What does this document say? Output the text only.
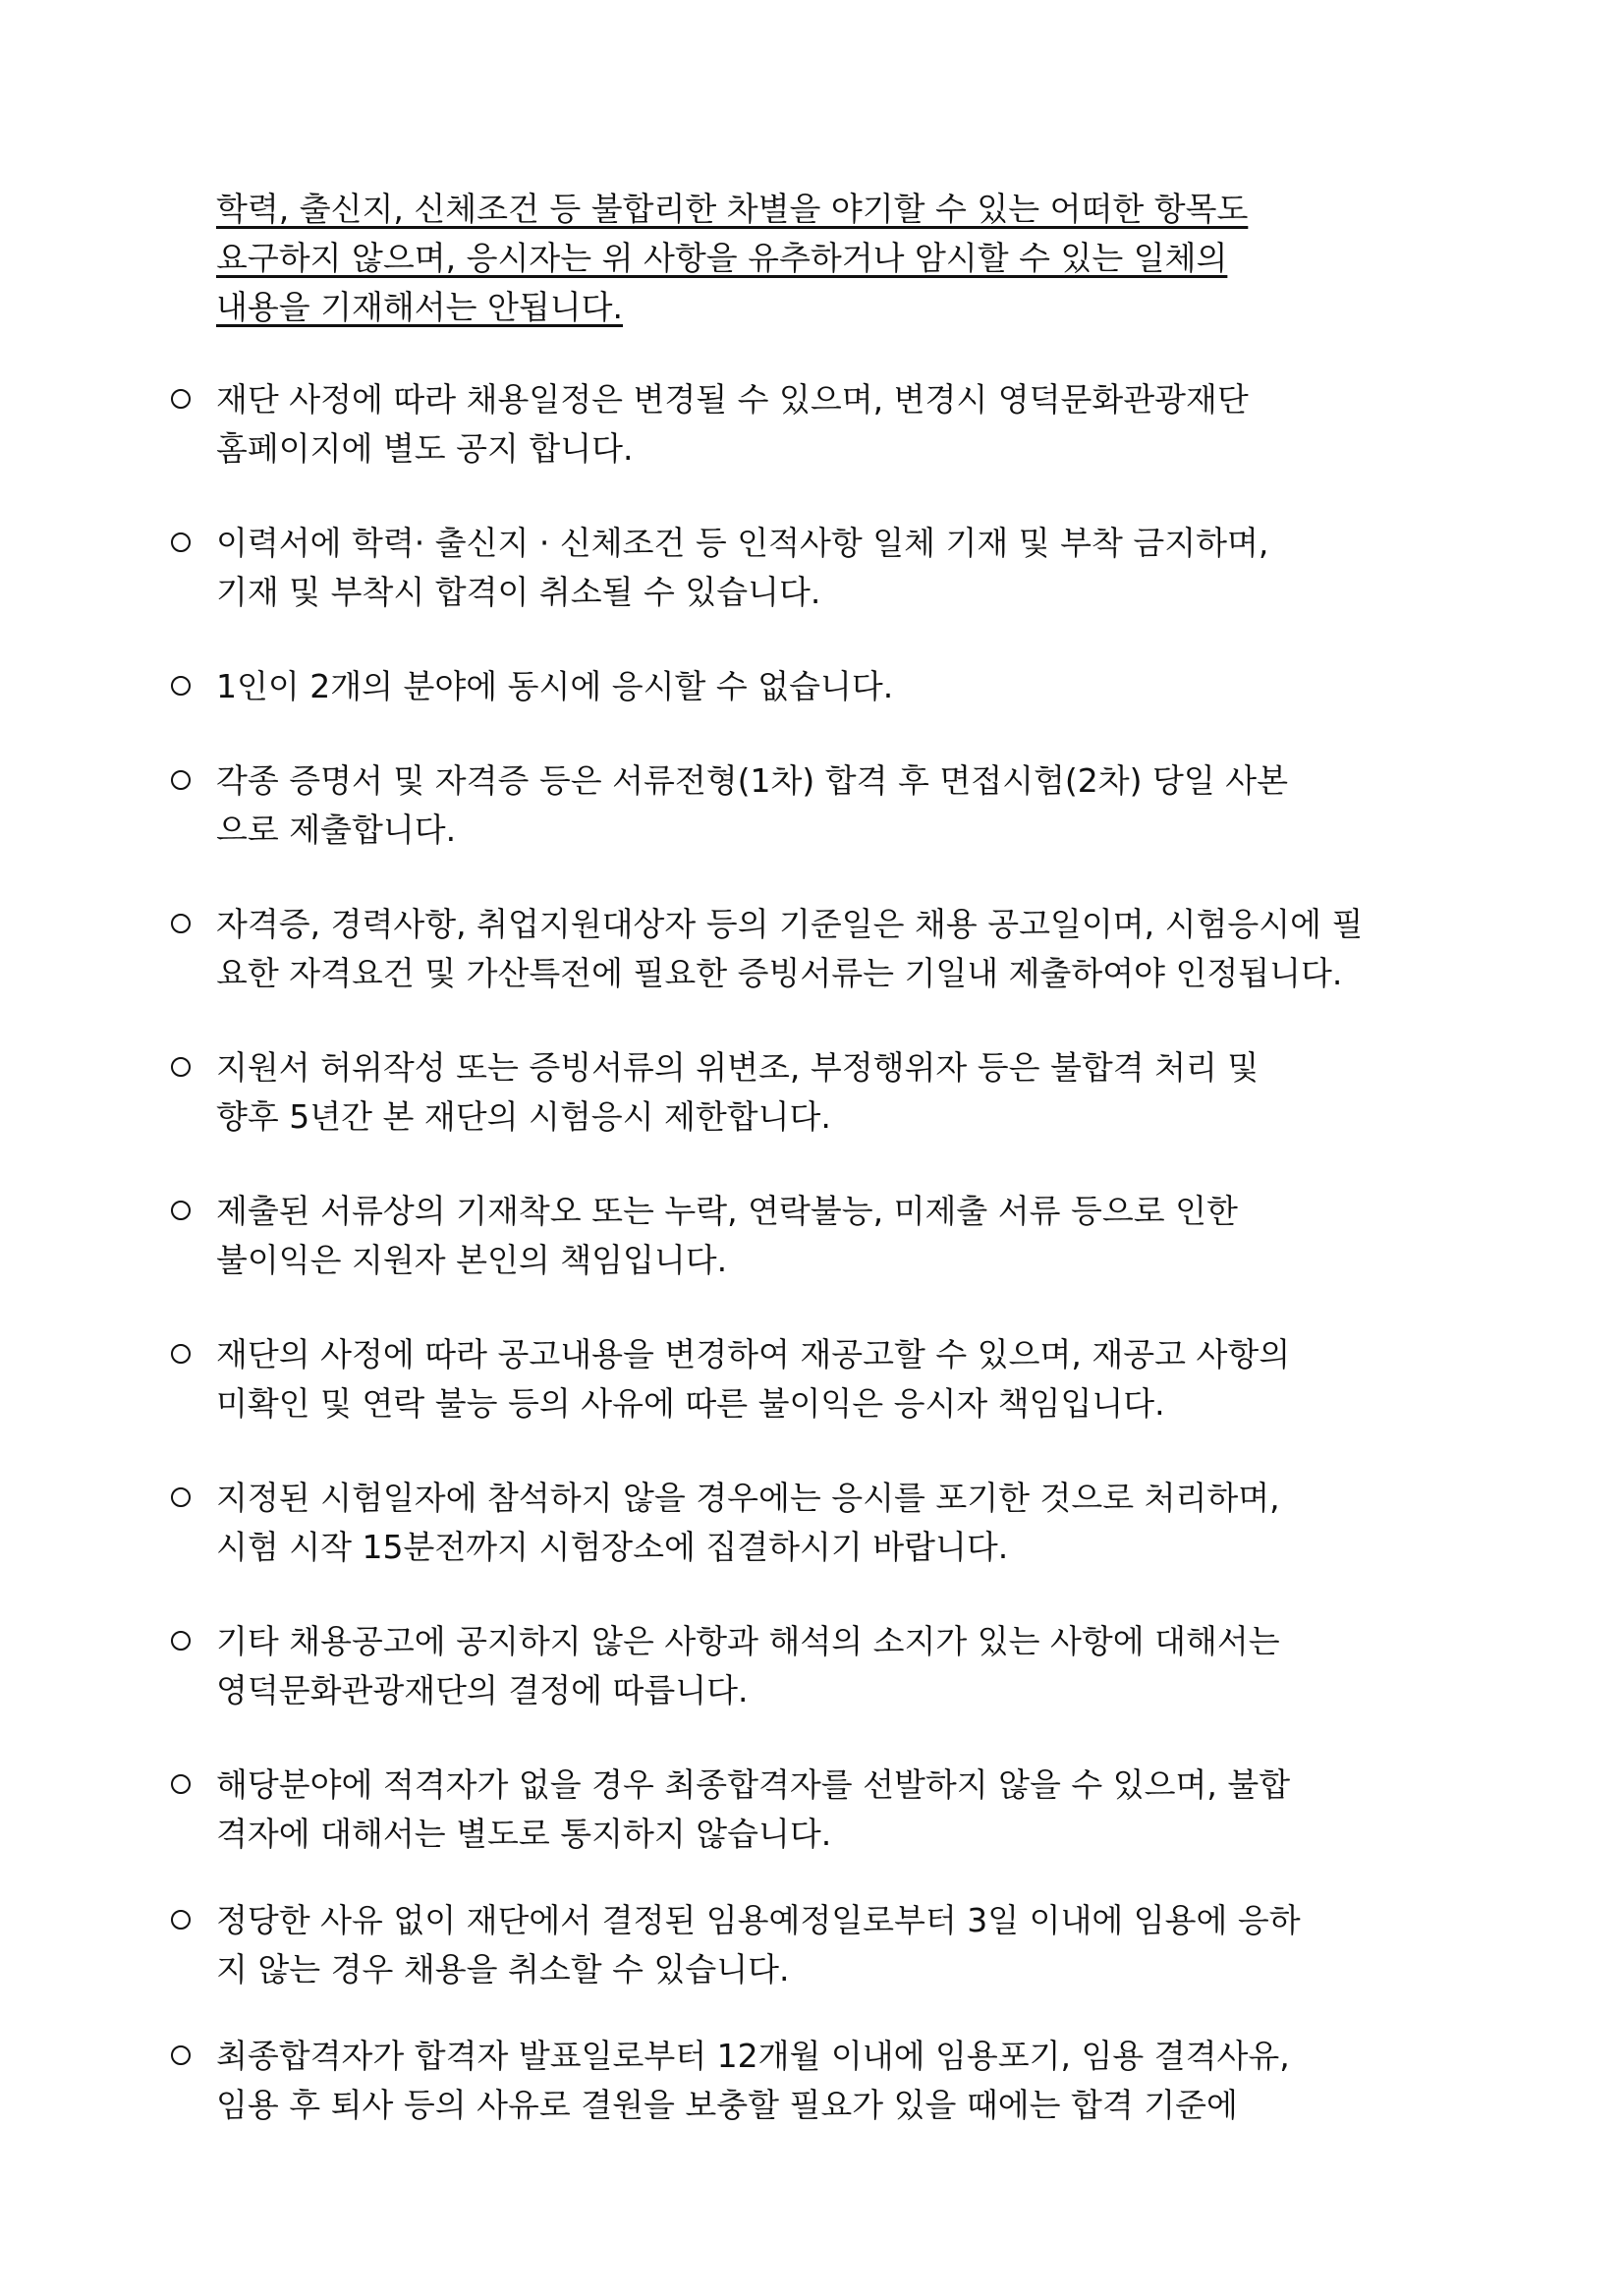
학력, 출신지, 신체조건 등 불합리한 차별을 야기할 수 있는 어떠한 항목도
요구하지 않으며, 응시자는 위 사항을 유추하거나 암시할 수 있는 일체의
내용을 기재해서는 안됩니다.
재단 사정에 따라 채용일정은 변경될 수 있으며, 변경시 영덕문화관광재단
홈페이지에 별도 공지 합니다.
이력서에 학력· 출신지 · 신체조건 등 인적사항 일체 기재 및 부착 금지하며,
기재 및 부착시 합격이 취소될 수 있습니다.
1인이 2개의 분야에 동시에 응시할 수 없습니다.
각종 증명서 및 자격증 등은 서류전형(1차) 합격 후 면접시험(2차) 당일 사본
으로 제출합니다.
자격증, 경력사항, 취업지원대상자 등의 기준일은 채용 공고일이며, 시험응시에 필
요한 자격요건 및 가산특전에 필요한 증빙서류는 기일내 제출하여야 인정됩니다.
지원서 허위작성 또는 증빙서류의 위변조, 부정행위자 등은 불합격 처리 및
향후 5년간 본 재단의 시험응시 제한합니다.
제출된 서류상의 기재착오 또는 누락, 연락불능, 미제출 서류 등으로 인한
불이익은 지원자 본인의 책임입니다.
재단의 사정에 따라 공고내용을 변경하여 재공고할 수 있으며, 재공고 사항의
미확인 및 연락 불능 등의 사유에 따른 불이익은 응시자 책임입니다.
지정된 시험일자에 참석하지 않을 경우에는 응시를 포기한 것으로 처리하며,
시험 시작 15분전까지 시험장소에 집결하시기 바랍니다.
기타 채용공고에 공지하지 않은 사항과 해석의 소지가 있는 사항에 대해서는
영덕문화관광재단의 결정에 따릅니다.
해당분야에 적격자가 없을 경우 최종합격자를 선발하지 않을 수 있으며, 불합
격자에 대해서는 별도로 통지하지 않습니다.
정당한 사유 없이 재단에서 결정된 임용예정일로부터 3일 이내에 임용에 응하
지 않는 경우 채용을 취소할 수 있습니다.
최종합격자가 합격자 발표일로부터 12개월 이내에 임용포기, 임용 결격사유,
임용 후 퇴사 등의 사유로 결원을 보충할 필요가 있을 때에는 합격 기준에
